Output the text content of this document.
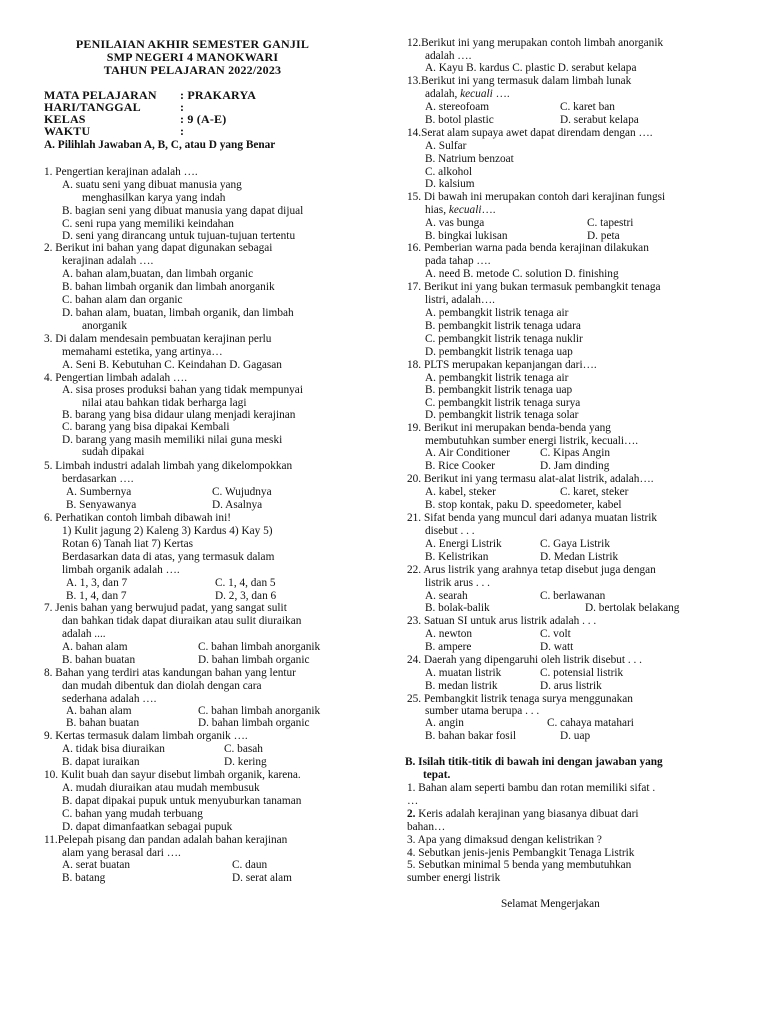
PENILAIAN AKHIR SEMESTER GANJIL
SMP NEGERI 4 MANOKWARI
TAHUN PELAJARAN 2022/2023
MATA PELAJARAN : PRAKARYA
HARI/TANGGAL	:
KELAS	: 9 (A-E)
WAKTU	:
A. Pilihlah Jawaban A, B, C, atau D yang Benar
1. Pengertian kerajinan adalah ….
A. suatu seni yang dibuat manusia yang
menghasilkan karya yang indah
B. bagian seni yang dibuat manusia yang dapat dijual
C. seni rupa yang memiliki keindahan
D. seni yang dirancang untuk tujuan-tujuan tertentu
2. Berikut ini bahan yang dapat digunakan sebagai
kerajinan adalah ….
A. bahan alam,buatan, dan limbah organic
B. bahan limbah organik dan limbah anorganik
C. bahan alam dan organic
D. bahan alam, buatan, limbah organik, dan limbah
anorganik
3. Di dalam mendesain pembuatan kerajinan perlu
memahami estetika, yang artinya…
A. Seni B. Kebutuhan C. Keindahan D. Gagasan
4. Pengertian limbah adalah ….
A. sisa proses produksi bahan yang tidak mempunyai
nilai atau bahkan tidak berharga lagi
B. barang yang bisa didaur ulang menjadi kerajinan
C. barang yang bisa dipakai Kembali
D. barang yang masih memiliki nilai guna meski
sudah dipakai
5. Limbah industri adalah limbah yang dikelompokkan
berdasarkan ….
A. Sumbernya	C. Wujudnya
B. Senyawanya	D. Asalnya
6. Perhatikan contoh limbah dibawah ini!
1) Kulit jagung 2) Kaleng 3) Kardus 4) Kay 5)
Rotan 6) Tanah liat 7) Kertas
Berdasarkan data di atas, yang termasuk dalam
limbah organik adalah ….
A. 1, 3, dan 7	C. 1, 4, dan 5
B. 1, 4, dan 7	D. 2, 3, dan 6
7. Jenis bahan yang berwujud padat, yang sangat sulit
dan bahkan tidak dapat diuraikan atau sulit diuraikan
adalah ....
A. bahan alam	C. bahan limbah anorganik
B. bahan buatan	D. bahan limbah organic
8. Bahan yang terdiri atas kandungan bahan yang lentur
dan mudah dibentuk dan diolah dengan cara
sederhana adalah ….
A. bahan alam	C. bahan limbah anorganik
B. bahan buatan	D. bahan limbah organic
9. Kertas termasuk dalam limbah organik ….
A. tidak bisa diuraikan	C. basah
B. dapat iuraikan	D. kering
10. Kulit buah dan sayur disebut limbah organik, karena.
A. mudah diuraikan atau mudah membusuk
B. dapat dipakai pupuk untuk menyuburkan tanaman
C. bahan yang mudah terbuang
D. dapat dimanfaatkan sebagai pupuk
11.Pelepah pisang dan pandan adalah bahan kerajinan
alam yang berasal dari ….
A. serat buatan	C. daun
B. batang	D. serat alam
12.Berikut ini yang merupakan contoh limbah anorganik
adalah ….
A. Kayu B. kardus C. plastic D. serabut kelapa
13.Berikut ini yang termasuk dalam limbah lunak
adalah, kecuali ….
A. stereofoam	C. karet ban
B. botol plastic	D. serabut kelapa
14.Serat alam supaya awet dapat direndam dengan ….
A. Sulfar
B. Natrium benzoat
C. alkohol
D. kalsium
15. Di bawah ini merupakan contoh dari kerajinan fungsi
hias, kecuali….
A. vas bunga	C. tapestri
B. bingkai lukisan	D. peta
16. Pemberian warna pada benda kerajinan dilakukan
pada tahap ….
A. need B. metode C. solution D. finishing
17. Berikut ini yang bukan termasuk pembangkit tenaga
listri, adalah….
A. pembangkit listrik tenaga air
B. pembangkit listrik tenaga udara
C. pembangkit listrik tenaga nuklir
D. pembangkit listrik tenaga uap
18. PLTS merupakan kepanjangan dari….
A. pembangkit listrik tenaga air
B. pembangkit listrik tenaga uap
C. pembangkit listrik tenaga surya
D. pembangkit listrik tenaga solar
19. Berikut ini merupakan benda-benda yang
membutuhkan sumber energi listrik, kecuali….
A. Air Conditioner	C. Kipas Angin
B. Rice Cooker	D. Jam dinding
20. Berikut ini yang termasu alat-alat listrik, adalah….
A. kabel, steker	C. karet, steker
B. stop kontak, paku D. speedometer, kabel
21. Sifat benda yang muncul dari adanya muatan listrik
disebut . . .
A. Energi Listrik	C. Gaya Listrik
B. Kelistrikan	D. Medan Listrik
22. Arus listrik yang arahnya tetap disebut juga dengan
listrik arus . . .
A. searah	C. berlawanan
B. bolak-balik	D. bertolak belakang
23. Satuan SI untuk arus listrik adalah . . .
A. newton	C. volt
B. ampere	D. watt
24. Daerah yang dipengaruhi oleh listrik disebut . . .
A. muatan listrik	C. potensial listrik
B. medan listrik	D. arus listrik
25. Pembangkit listrik tenaga surya menggunakan
sumber utama berupa . . .
A. angin	C. cahaya matahari
B. bahan bakar fosil	D. uap
B. Isilah titik-titik di bawah ini dengan jawaban yang
tepat.
1. Bahan alam seperti bambu dan rotan memiliki sifat .
…
2. Keris adalah kerajinan yang biasanya dibuat dari
bahan…
3. Apa yang dimaksud dengan kelistrikan ?
4. Sebutkan jenis-jenis Pembangkit Tenaga Listrik
5. Sebutkan minimal 5 benda yang membutuhkan
sumber energi listrik
Selamat Mengerjakan
